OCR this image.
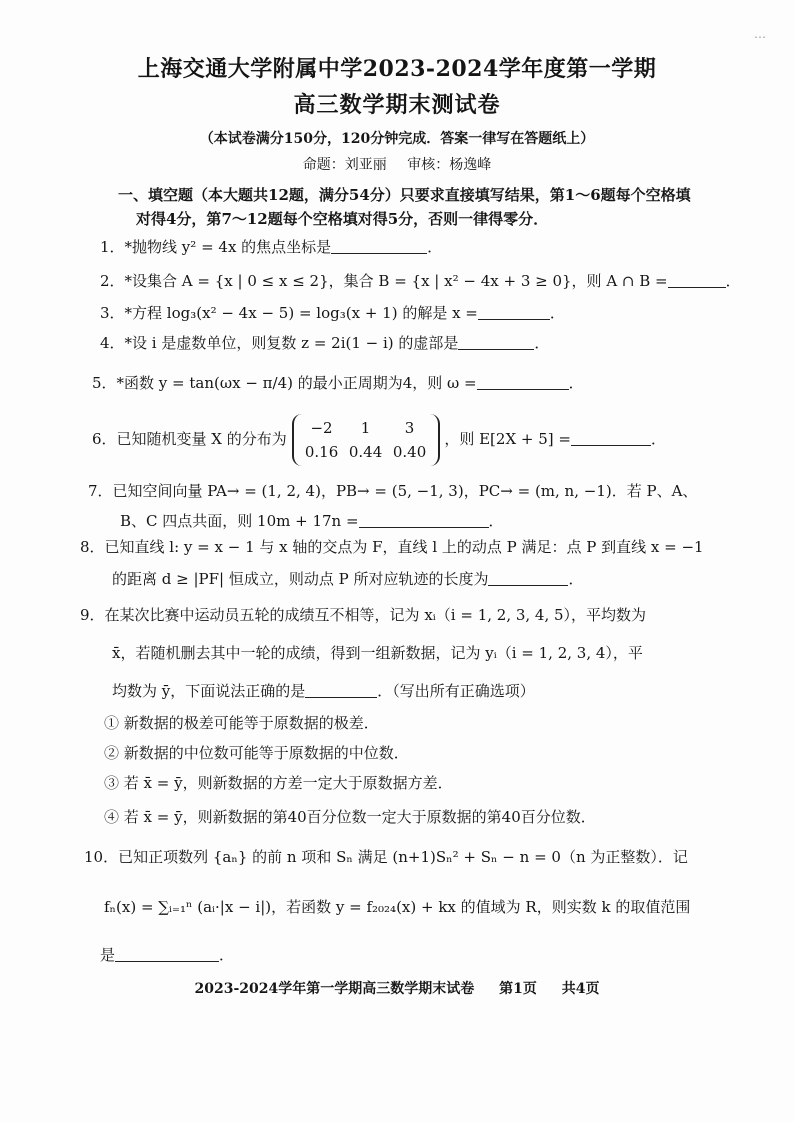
⋯
上海交通大学附属中学2023-2024学年度第一学期
高三数学期末测试卷
（本试卷满分150分，120分钟完成．答案一律写在答题纸上）
命题：刘亚丽 审核：杨逸峰
一、填空题（本大题共12题，满分54分）只要求直接填写结果，第1～6题每个空格填
对得4分，第7～12题每个空格填对得5分，否则一律得零分．
1．*抛物线 y² = 4x 的焦点坐标是	．
2．*设集合 A = {x | 0 ≤ x ≤ 2}，集合 B = {x | x² − 4x + 3 ≥ 0}，则 A ∩ B =	．
3．*方程 log₃(x² − 4x − 5) = log₃(x + 1) 的解是 x =	．
4．*设 i 是虚数单位，则复数 z = 2i(1 − i) 的虚部是	．
5．*函数 y = tan(ωx − π/4) 的最小正周期为4，则 ω =	．
6．已知随机变量 X 的分布为
−2 1 3
0.16 0.44 0.40
，则 E[2X + 5] =	．
7．已知空间向量 PA→ = (1, 2, 4)，PB→ = (5, −1, 3)，PC→ = (m, n, −1)．若 P、A、
B、C 四点共面，则 10m + 17n =	．
8．已知直线 l: y = x − 1 与 x 轴的交点为 F，直线 l 上的动点 P 满足：点 P 到直线 x = −1
的距离 d ≥ |PF| 恒成立，则动点 P 所对应轨迹的长度为	．
9．在某次比赛中运动员五轮的成绩互不相等，记为 xᵢ（i = 1, 2, 3, 4, 5），平均数为
x̄，若随机删去其中一轮的成绩，得到一组新数据，记为 yᵢ（i = 1, 2, 3, 4），平
均数为 ȳ，下面说法正确的是	．（写出所有正确选项）
① 新数据的极差可能等于原数据的极差．
② 新数据的中位数可能等于原数据的中位数．
③ 若 x̄ = ȳ，则新数据的方差一定大于原数据方差．
④ 若 x̄ = ȳ，则新数据的第40百分位数一定大于原数据的第40百分位数．
10．已知正项数列 {aₙ} 的前 n 项和 Sₙ 满足 (n+1)Sₙ² + Sₙ − n = 0（n 为正整数）．记
fₙ(x) = ∑ᵢ₌₁ⁿ (aᵢ·|x − i|)，若函数 y = f₂₀₂₄(x) + kx 的值域为 R，则实数 k 的取值范围
是	．
2023-2024学年第一学期高三数学期末试卷 第1页 共4页
